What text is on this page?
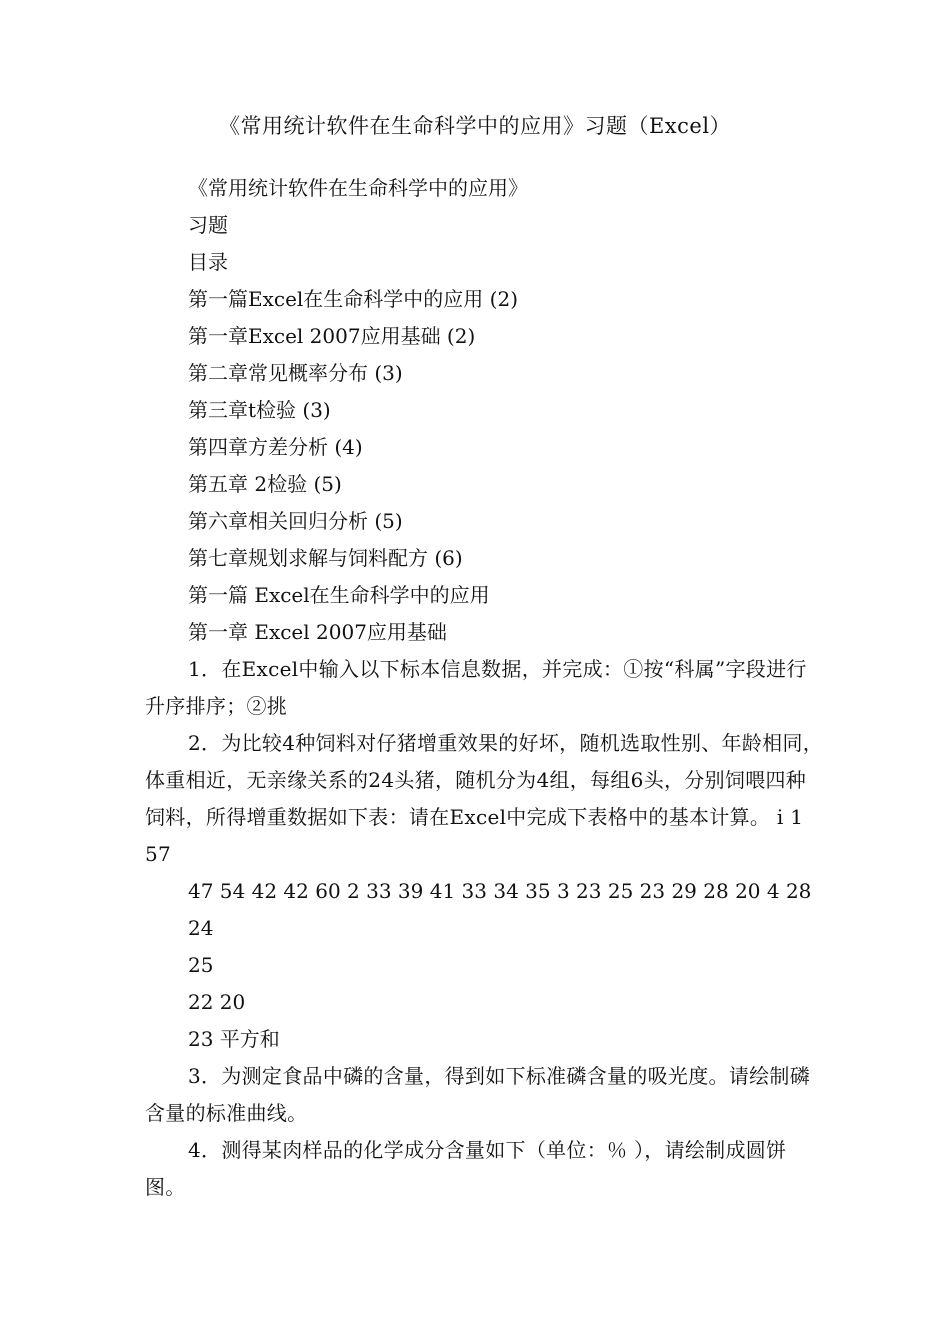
《常用统计软件在生命科学中的应用》习题（Excel）
《常用统计软件在生命科学中的应用》
习题
目录
第一篇Excel在生命科学中的应用 (2)
第一章Excel 2007应用基础 (2)
第二章常见概率分布 (3)
第三章t检验 (3)
第四章方差分析 (4)
第五章 2检验 (5)
第六章相关回归分析 (5)
第七章规划求解与饲料配方 (6)
第一篇 Excel在生命科学中的应用
第一章 Excel 2007应用基础
1．在Excel中输入以下标本信息数据，并完成：①按“科属”字段进行升序排序；②挑
2．为比较4种饲料对仔猪增重效果的好坏，随机选取性别、年龄相同，体重相近，无亲缘关系的24头猪，随机分为4组，每组6头，分别饲喂四种饲料，所得增重数据如下表：请在Excel中完成下表格中的基本计算。 i 1 57
47 54 42 42 60 2 33 39 41 33 34 35 3 23 25 23 29 28 20 4 28
24
25
22 20
23 平方和
3．为测定食品中磷的含量，得到如下标准磷含量的吸光度。请绘制磷含量的标准曲线。
4．测得某肉样品的化学成分含量如下（单位：％ ），请绘制成圆饼图。
